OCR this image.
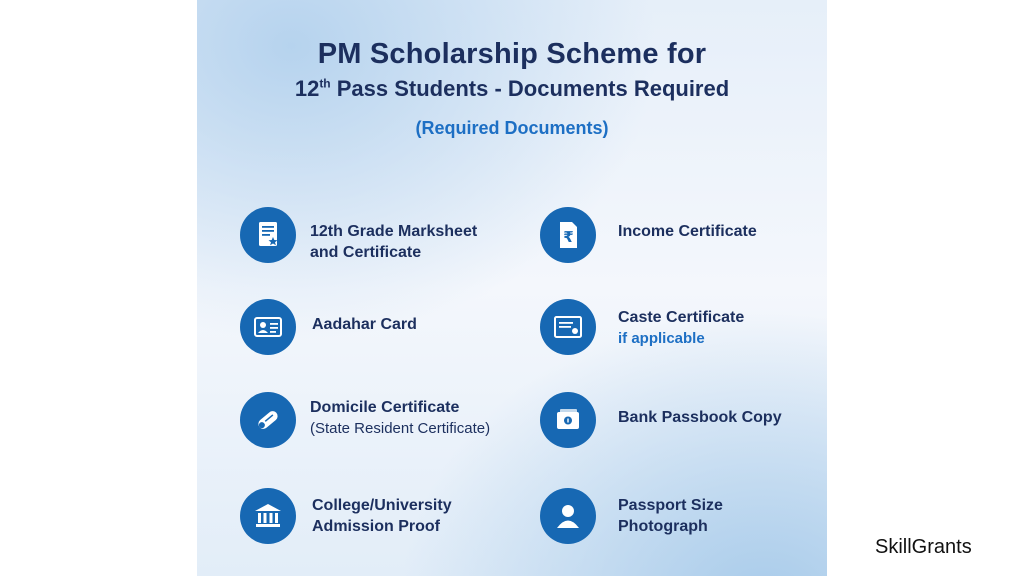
PM Scholarship Scheme for
12th Pass Students - Documents Required
(Required Documents)
12th Grade Marksheet
and Certificate
₹	Income Certificate
Aadahar Card	Caste Certificate
if applicable
Domicile Certificate
(State Resident Certificate)
Bank Passbook Copy
College/University
Admission Proof
Passport Size
Photograph
SkillGrants
